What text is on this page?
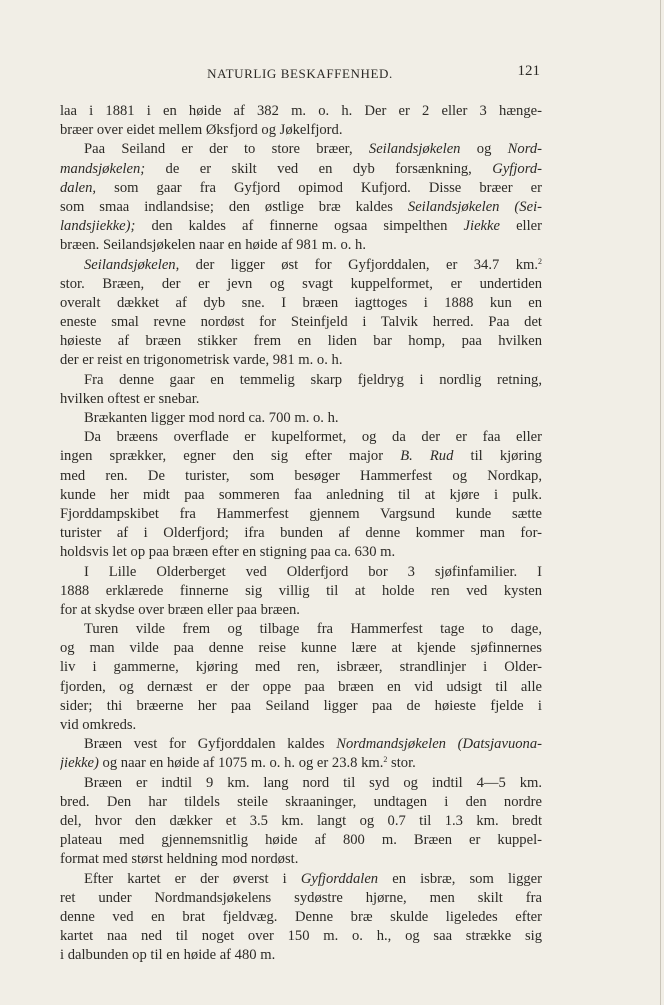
NATURLIG BESKAFFENHED.	121
laa i 1881 i en høide af 382 m. o. h. Der er 2 eller 3 hænge-
bræer over eidet mellem Øksfjord og Jøkelfjord.
Paa Seiland er der to store bræer, Seilandsjøkelen og Nord-
mandsjøkelen; de er skilt ved en dyb forsænkning, Gyfjord-
dalen, som gaar fra Gyfjord opimod Kufjord. Disse bræer er
som smaa indlandsise; den østlige bræ kaldes Seilandsjøkelen (Sei-
landsjiekke); den kaldes af finnerne ogsaa simpelthen Jiekke eller
bræen. Seilandsjøkelen naar en høide af 981 m. o. h.
Seilandsjøkelen, der ligger øst for Gyfjorddalen, er 34.7 km.$^2$
stor. Bræen, der er jevn og svagt kuppelformet, er undertiden
overalt dækket af dyb sne. I bræen iagttoges i 1888 kun en
eneste smal revne nordøst for Steinfjeld i Talvik herred. Paa det
høieste af bræen stikker frem en liden bar homp, paa hvilken
der er reist en trigonometrisk varde, 981 m. o. h.
Fra denne gaar en temmelig skarp fjeldryg i nordlig retning,
hvilken oftest er snebar.
Brækanten ligger mod nord ca. 700 m. o. h.
Da bræens overflade er kupelformet, og da der er faa eller
ingen sprækker, egner den sig efter major B. Rud til kjøring
med ren. De turister, som besøger Hammerfest og Nordkap,
kunde her midt paa sommeren faa anledning til at kjøre i pulk.
Fjorddampskibet fra Hammerfest gjennem Vargsund kunde sætte
turister af i Olderfjord; ifra bunden af denne kommer man for-
holdsvis let op paa bræen efter en stigning paa ca. 630 m.
I Lille Olderberget ved Olderfjord bor 3 sjøfinfamilier. I
1888 erklærede finnerne sig villig til at holde ren ved kysten
for at skydse over bræen eller paa bræen.
Turen vilde frem og tilbage fra Hammerfest tage to dage,
og man vilde paa denne reise kunne lære at kjende sjøfinnernes
liv i gammerne, kjøring med ren, isbræer, strandlinjer i Older-
fjorden, og dernæst er der oppe paa bræen en vid udsigt til alle
sider; thi bræerne her paa Seiland ligger paa de høieste fjelde i
vid omkreds.
Bræen vest for Gyfjorddalen kaldes Nordmandsjøkelen (Datsjavuona-
jiekke) og naar en høide af 1075 m. o. h. og er 23.8 km.$^2$ stor.
Bræen er indtil 9 km. lang nord til syd og indtil 4—5 km.
bred. Den har tildels steile skraaninger, undtagen i den nordre
del, hvor den dækker et 3.5 km. langt og 0.7 til 1.3 km. bredt
plateau med gjennemsnitlig høide af 800 m. Bræen er kuppel-
format med størst heldning mod nordøst.
Efter kartet er der øverst i Gyfjorddalen en isbræ, som ligger
ret under Nordmandsjøkelens sydøstre hjørne, men skilt fra
denne ved en brat fjeldvæg. Denne bræ skulde ligeledes efter
kartet naa ned til noget over 150 m. o. h., og saa strække sig
i dalbunden op til en høide af 480 m.
